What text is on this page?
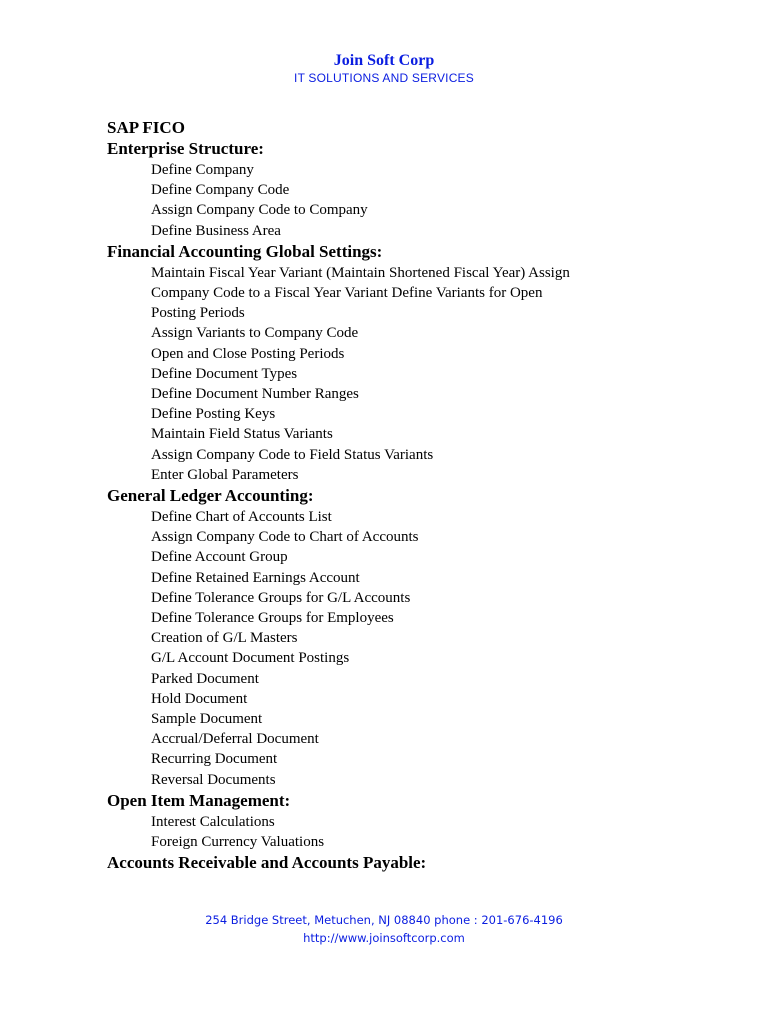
Join Soft Corp
IT SOLUTIONS AND SERVICES
SAP FICO
Enterprise Structure:
Define Company
Define Company Code
Assign Company Code to Company
Define Business Area
Financial Accounting Global Settings:
Maintain Fiscal Year Variant (Maintain Shortened Fiscal Year) Assign
Company Code to a Fiscal Year Variant Define Variants for Open
Posting Periods
Assign Variants to Company Code
Open and Close Posting Periods
Define Document Types
Define Document Number Ranges
Define Posting Keys
Maintain Field Status Variants
Assign Company Code to Field Status Variants
Enter Global Parameters
General Ledger Accounting:
Define Chart of Accounts List
Assign Company Code to Chart of Accounts
Define Account Group
Define Retained Earnings Account
Define Tolerance Groups for G/L Accounts
Define Tolerance Groups for Employees
Creation of G/L Masters
G/L Account Document Postings
Parked Document
Hold Document
Sample Document
Accrual/Deferral Document
Recurring Document
Reversal Documents
Open Item Management:
Interest Calculations
Foreign Currency Valuations
Accounts Receivable and Accounts Payable:
254 Bridge Street, Metuchen, NJ 08840 phone : 201-676-4196
http://www.joinsoftcorp.com
